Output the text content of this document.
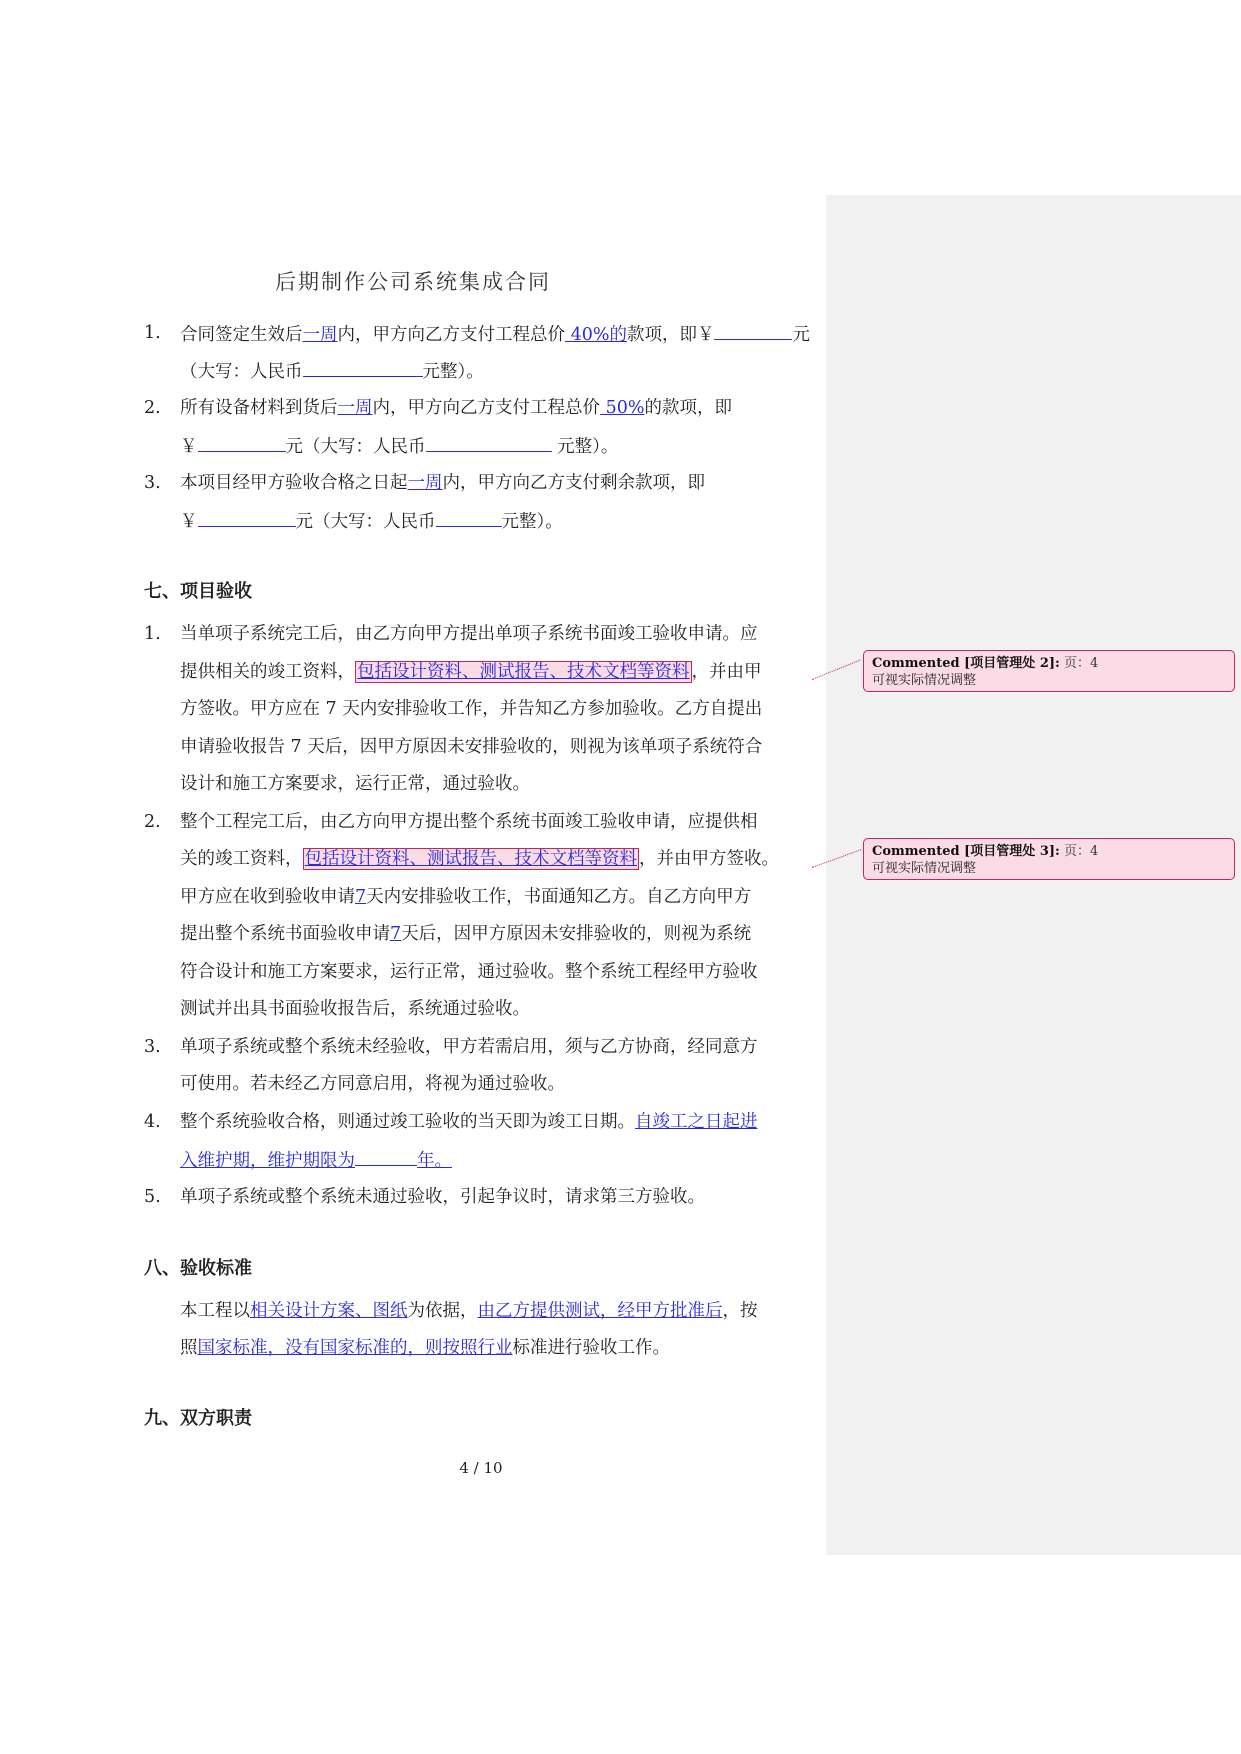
后期制作公司系统集成合同
1. 合同签定生效后一周内，甲方向乙方支付工程总价 40%的款项，即￥	元
（大写：人民币	元整）。
2. 所有设备材料到货后一周内，甲方向乙方支付工程总价 50%的款项，即
￥	元（大写：人民币	元整）。
3. 本项目经甲方验收合格之日起一周内，甲方向乙方支付剩余款项，即
￥	元（大写：人民币	元整）。
七、项目验收
1. 当单项子系统完工后，由乙方向甲方提出单项子系统书面竣工验收申请。应
提供相关的竣工资料， 包括设计资料、测试报告、技术文档等资料 ，并由甲
方签收。甲方应在 7 天内安排验收工作，并告知乙方参加验收。乙方自提出
申请验收报告 7 天后，因甲方原因未安排验收的，则视为该单项子系统符合
设计和施工方案要求，运行正常，通过验收。
2. 整个工程完工后，由乙方向甲方提出整个系统书面竣工验收申请，应提供相
关的竣工资料， 包括设计资料、测试报告、技术文档等资料 ，并由甲方签收。
甲方应在收到验收申请7天内安排验收工作，书面通知乙方。自乙方向甲方
提出整个系统书面验收申请7天后，因甲方原因未安排验收的，则视为系统
符合设计和施工方案要求，运行正常，通过验收。整个系统工程经甲方验收
测试并出具书面验收报告后，系统通过验收。
3. 单项子系统或整个系统未经验收，甲方若需启用，须与乙方协商，经同意方
可使用。若未经乙方同意启用，将视为通过验收。
4. 整个系统验收合格，则通过竣工验收的当天即为竣工日期。自竣工之日起进
入维护期，维护期限为	年。
5. 单项子系统或整个系统未通过验收，引起争议时，请求第三方验收。
八、验收标准
本工程以相关设计方案、图纸为依据，由乙方提供测试，经甲方批准后，按
照国家标准，没有国家标准的，则按照行业标准进行验收工作。
九、双方职责
4 / 10
Commented [项目管理处 2]: 页：4
可视实际情况调整
Commented [项目管理处 3]: 页：4
可视实际情况调整
